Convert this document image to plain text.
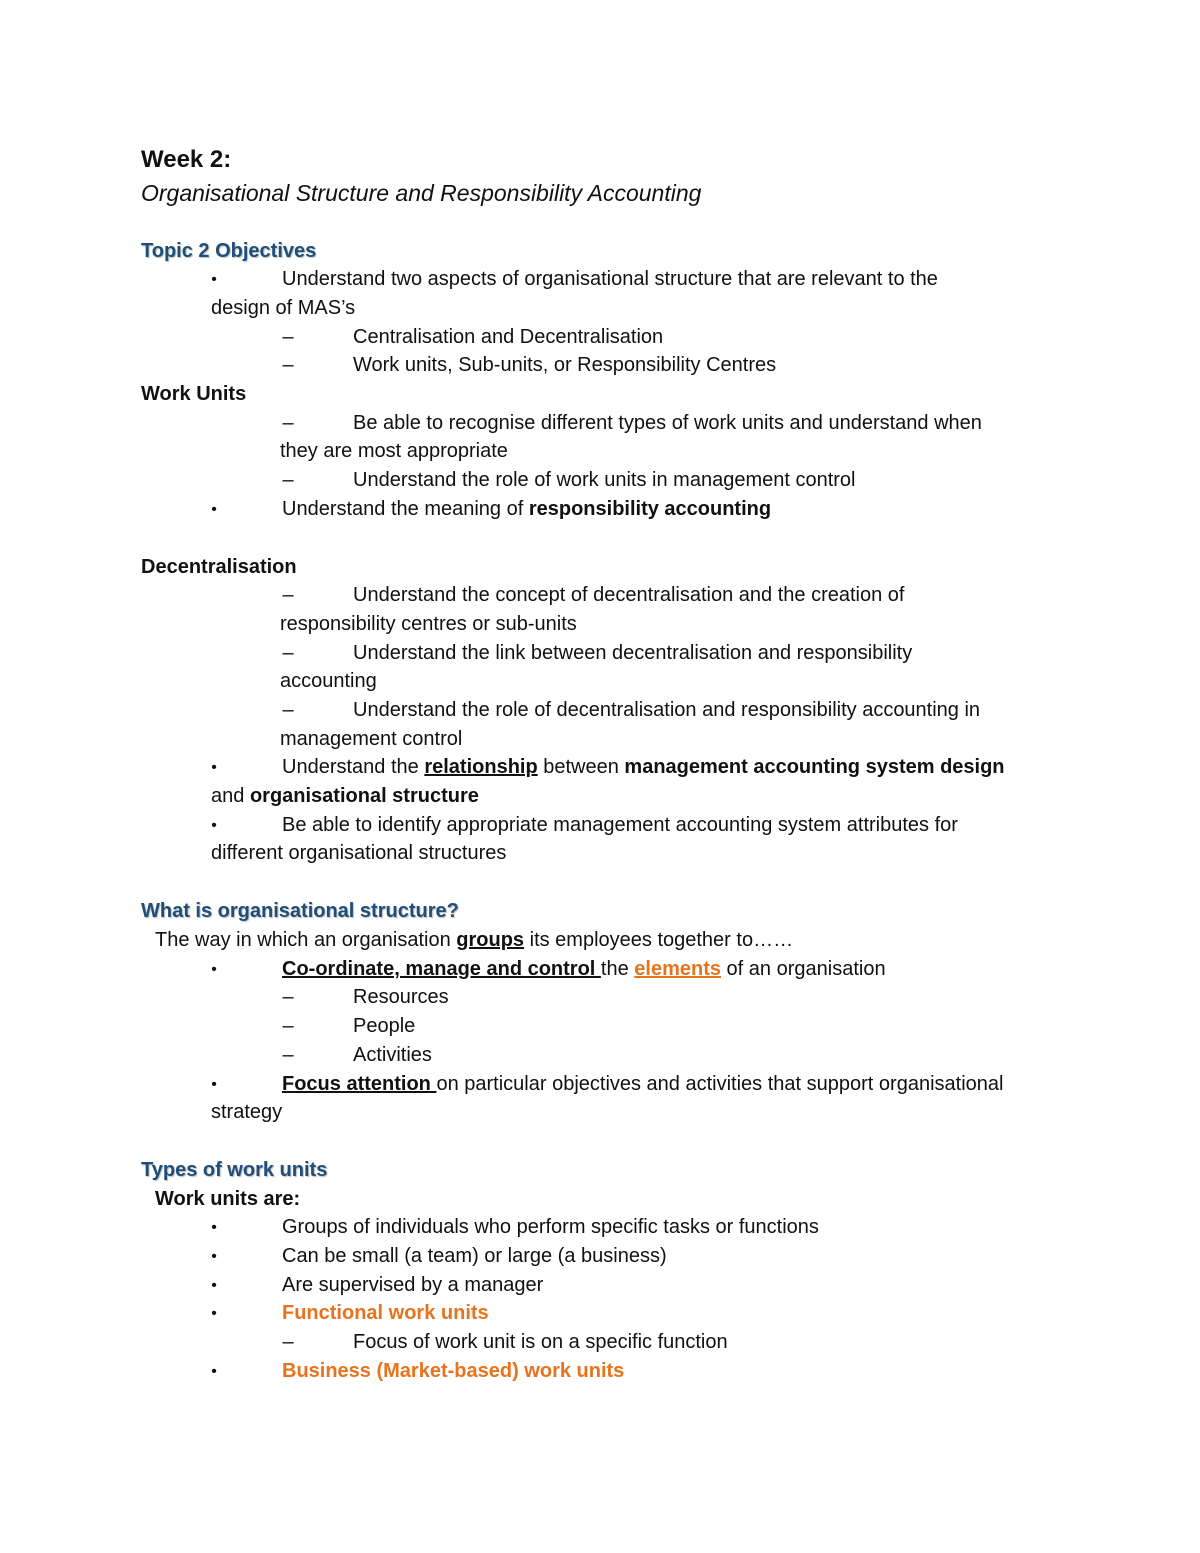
Week 2:
Organisational Structure and Responsibility Accounting
Topic 2 Objectives
•	Understand two aspects of organisational structure that are relevant to the
design of MAS’s
–	Centralisation and Decentralisation
–	Work units, Sub-units, or Responsibility Centres
Work Units
–	Be able to recognise different types of work units and understand when
they are most appropriate
–	Understand the role of work units in management control
•	Understand the meaning of responsibility accounting
Decentralisation
–	Understand the concept of decentralisation and the creation of
responsibility centres or sub-units
–	Understand the link between decentralisation and responsibility
accounting
–	Understand the role of decentralisation and responsibility accounting in
management control
•	Understand the relationship between management accounting system design
and organisational structure
•	Be able to identify appropriate management accounting system attributes for
different organisational structures
What is organisational structure?
The way in which an organisation groups its employees together to……
•	Co-ordinate, manage and control the elements of an organisation
–	Resources
–	People
–	Activities
•	Focus attention on particular objectives and activities that support organisational
strategy
Types of work units
Work units are:
•	Groups of individuals who perform specific tasks or functions
•	Can be small (a team) or large (a business)
•	Are supervised by a manager
•	Functional work units
–	Focus of work unit is on a specific function
•	Business (Market-based) work units
